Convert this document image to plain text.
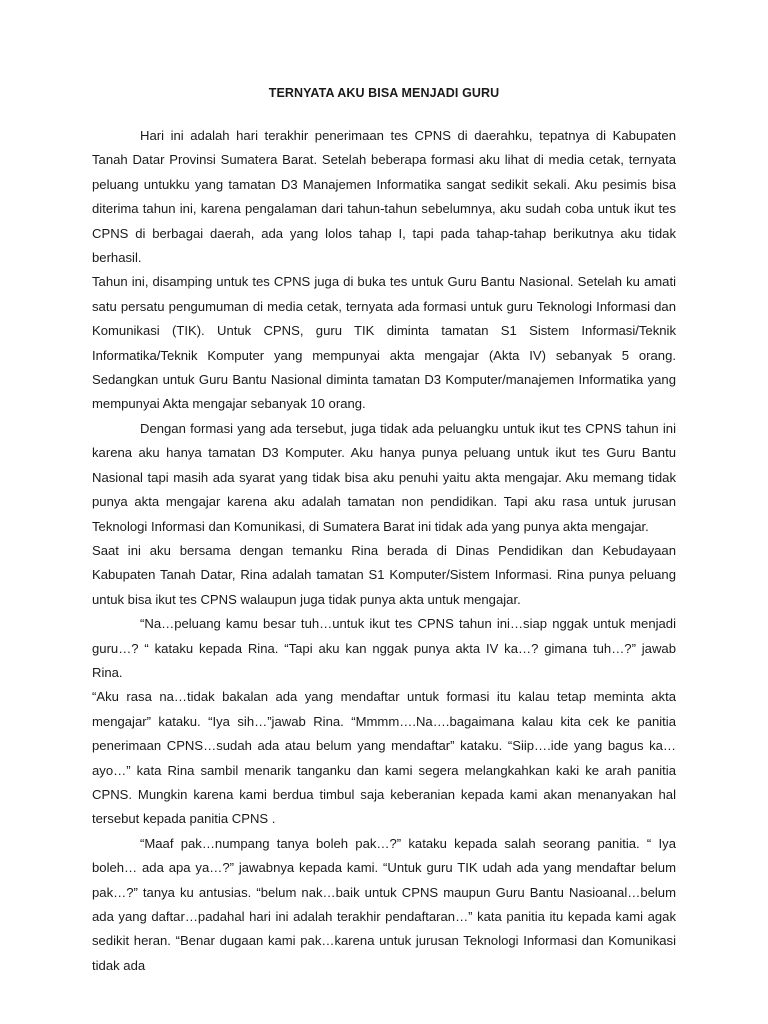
TERNYATA AKU BISA MENJADI GURU

Hari ini adalah hari terakhir penerimaan tes CPNS di daerahku, tepatnya di Kabupaten Tanah Datar Provinsi Sumatera Barat. Setelah beberapa formasi aku lihat di media cetak, ternyata peluang untukku yang tamatan D3 Manajemen Informatika sangat sedikit sekali. Aku pesimis bisa diterima tahun ini, karena pengalaman dari tahun-tahun sebelumnya, aku sudah coba untuk ikut tes CPNS di berbagai daerah, ada yang lolos tahap I, tapi pada tahap-tahap berikutnya aku tidak berhasil.

Tahun ini, disamping untuk tes CPNS juga di buka tes untuk Guru Bantu Nasional. Setelah ku amati satu persatu pengumuman di media cetak, ternyata ada formasi untuk guru Teknologi Informasi dan Komunikasi (TIK). Untuk CPNS, guru TIK diminta tamatan S1 Sistem Informasi/Teknik Informatika/Teknik Komputer yang mempunyai akta mengajar (Akta IV) sebanyak 5 orang. Sedangkan untuk Guru Bantu Nasional diminta tamatan D3 Komputer/manajemen Informatika yang mempunyai Akta mengajar sebanyak 10 orang.

Dengan formasi yang ada tersebut, juga tidak ada peluangku untuk ikut tes CPNS tahun ini karena aku hanya tamatan D3 Komputer. Aku hanya punya peluang untuk ikut tes Guru Bantu Nasional tapi masih ada syarat yang tidak bisa aku penuhi yaitu akta mengajar. Aku memang tidak punya akta mengajar karena aku adalah tamatan non pendidikan. Tapi aku rasa untuk jurusan Teknologi Informasi dan Komunikasi, di Sumatera Barat ini tidak ada yang punya akta mengajar.

Saat ini aku bersama dengan temanku Rina berada di Dinas Pendidikan dan Kebudayaan Kabupaten Tanah Datar, Rina adalah tamatan S1 Komputer/Sistem Informasi. Rina punya peluang untuk bisa ikut tes CPNS walaupun juga tidak punya akta untuk mengajar.

“Na…peluang kamu besar tuh…untuk ikut tes CPNS tahun ini…siap nggak untuk menjadi guru…? “ kataku kepada Rina. “Tapi aku kan nggak punya akta IV ka…? gimana tuh…?” jawab Rina.

“Aku rasa na…tidak bakalan ada yang mendaftar untuk formasi itu kalau tetap meminta akta mengajar” kataku. “Iya sih…”jawab Rina. “Mmmm….Na….bagaimana kalau kita cek ke panitia penerimaan CPNS…sudah ada atau belum yang mendaftar” kataku. “Siip….ide yang bagus ka…ayo…” kata Rina sambil menarik tanganku dan kami segera melangkahkan kaki ke arah panitia CPNS. Mungkin karena kami berdua timbul saja keberanian kepada kami akan menanyakan hal tersebut kepada panitia CPNS .

“Maaf pak…numpang tanya boleh pak…?” kataku kepada salah seorang panitia. “ Iya boleh… ada apa ya…?” jawabnya kepada kami. “Untuk guru TIK udah ada yang mendaftar belum pak…?” tanya ku antusias. “belum nak…baik untuk CPNS maupun Guru Bantu Nasioanal…belum ada yang daftar…padahal hari ini adalah terakhir pendaftaran…” kata panitia itu kepada kami agak sedikit heran. “Benar dugaan kami pak…karena untuk jurusan Teknologi Informasi dan Komunikasi tidak ada
